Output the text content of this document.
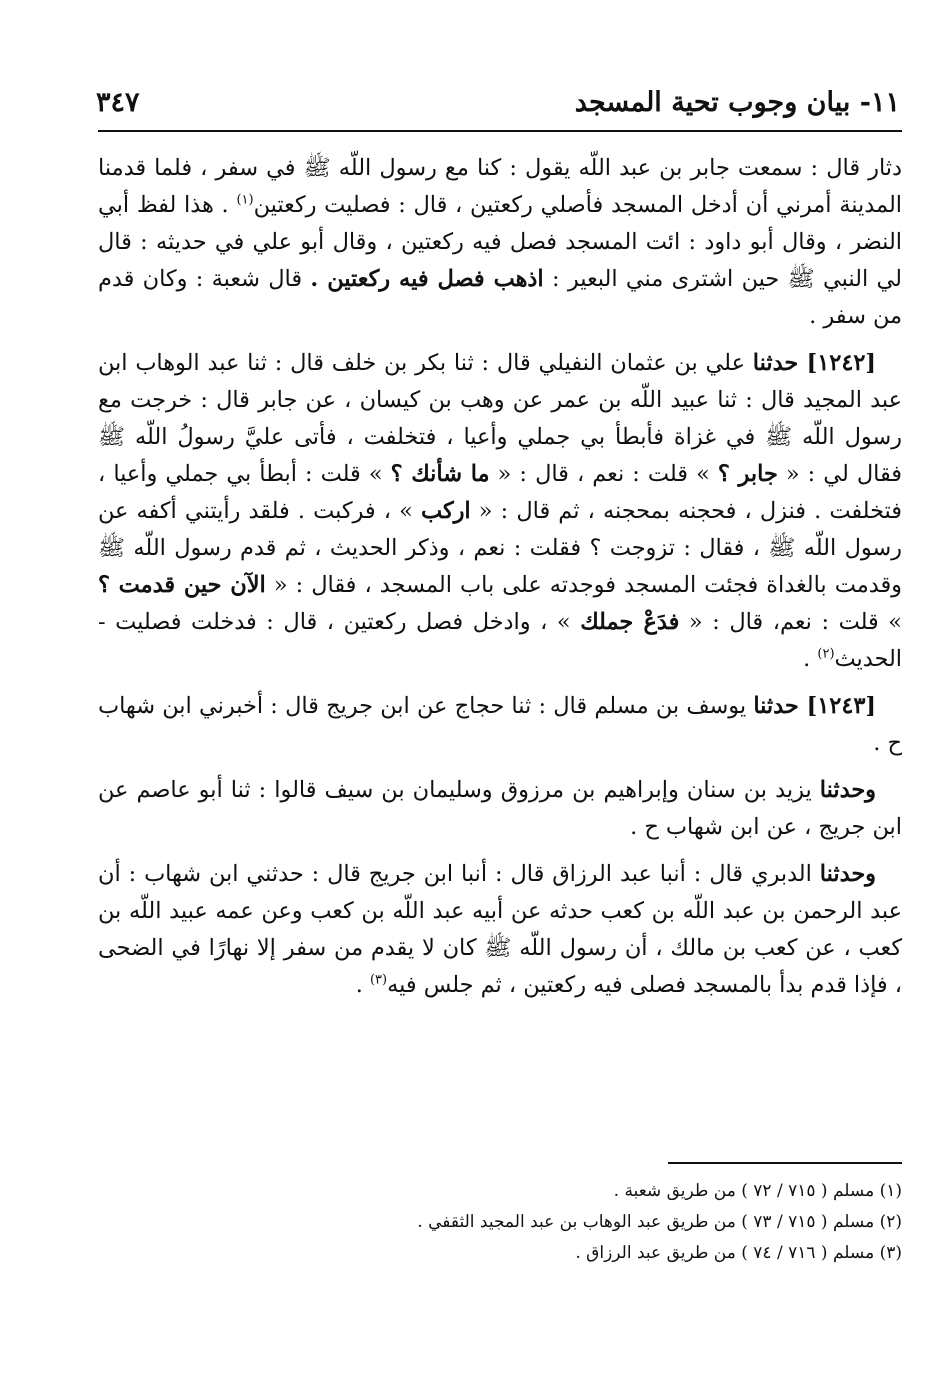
١١- بيان وجوب تحية المسجد
٣٤٧

دثار قال : سمعت جابر بن عبد اللّه يقول : كنا مع رسول اللّه ﷺ في سفر ، فلما قدمنا المدينة أمرني أن أدخل المسجد فأصلي ركعتين ، قال : فصليت ركعتين$^{(١)}$ . هذا لفظ أبي النضر ، وقال أبو داود : ائت المسجد فصل فيه ركعتين ، وقال أبو علي في حديثه : قال لي النبي ﷺ حين اشترى مني البعير : اذهب فصل فيه ركعتين . قال شعبة : وكان قدم من سفر .

[١٢٤٢] حدثنا علي بن عثمان النفيلي قال : ثنا بكر بن خلف قال : ثنا عبد الوهاب ابن عبد المجيد قال : ثنا عبيد اللّه بن عمر عن وهب بن كيسان ، عن جابر قال : خرجت مع رسول اللّه ﷺ في غزاة فأبطأ بي جملي وأعيا ، فتخلفت ، فأتى عليَّ رسولُ اللّه ﷺ فقال لي : « جابر ؟ » قلت : نعم ، قال : « ما شأنك ؟ » قلت : أبطأ بي جملي وأعيا ، فتخلفت . فنزل ، فحجنه بمحجنه ، ثم قال : « اركب » ، فركبت . فلقد رأيتني أكفه عن رسول اللّه ﷺ ، فقال : تزوجت ؟ فقلت : نعم ، وذكر الحديث ، ثم قدم رسول اللّه ﷺ وقدمت بالغداة فجئت المسجد فوجدته على باب المسجد ، فقال : « الآن حين قدمت ؟ » قلت : نعم، قال : « فدَعْ جملك » ، وادخل فصل ركعتين ، قال : فدخلت فصليت - الحديث$^{(٢)}$ .

[١٢٤٣] حدثنا يوسف بن مسلم قال : ثنا حجاج عن ابن جريج قال : أخبرني ابن شهاب ح .

وحدثنا يزيد بن سنان وإبراهيم بن مرزوق وسليمان بن سيف قالوا : ثنا أبو عاصم عن ابن جريج ، عن ابن شهاب ح .

وحدثنا الدبري قال : أنبا عبد الرزاق قال : أنبا ابن جريج قال : حدثني ابن شهاب : أن عبد الرحمن بن عبد اللّه بن كعب حدثه عن أبيه عبد اللّه بن كعب وعن عمه عبيد اللّه بن كعب ، عن كعب بن مالك ، أن رسول اللّه ﷺ كان لا يقدم من سفر إلا نهارًا في الضحى ، فإذا قدم بدأ بالمسجد فصلى فيه ركعتين ، ثم جلس فيه$^{(٣)}$ .

(١) مسلم ( ٧١٥ / ٧٢ ) من طريق شعبة .

(٢) مسلم ( ٧١٥ / ٧٣ ) من طريق عبد الوهاب بن عبد المجيد الثقفي .

(٣) مسلم ( ٧١٦ / ٧٤ ) من طريق عبد الرزاق .
